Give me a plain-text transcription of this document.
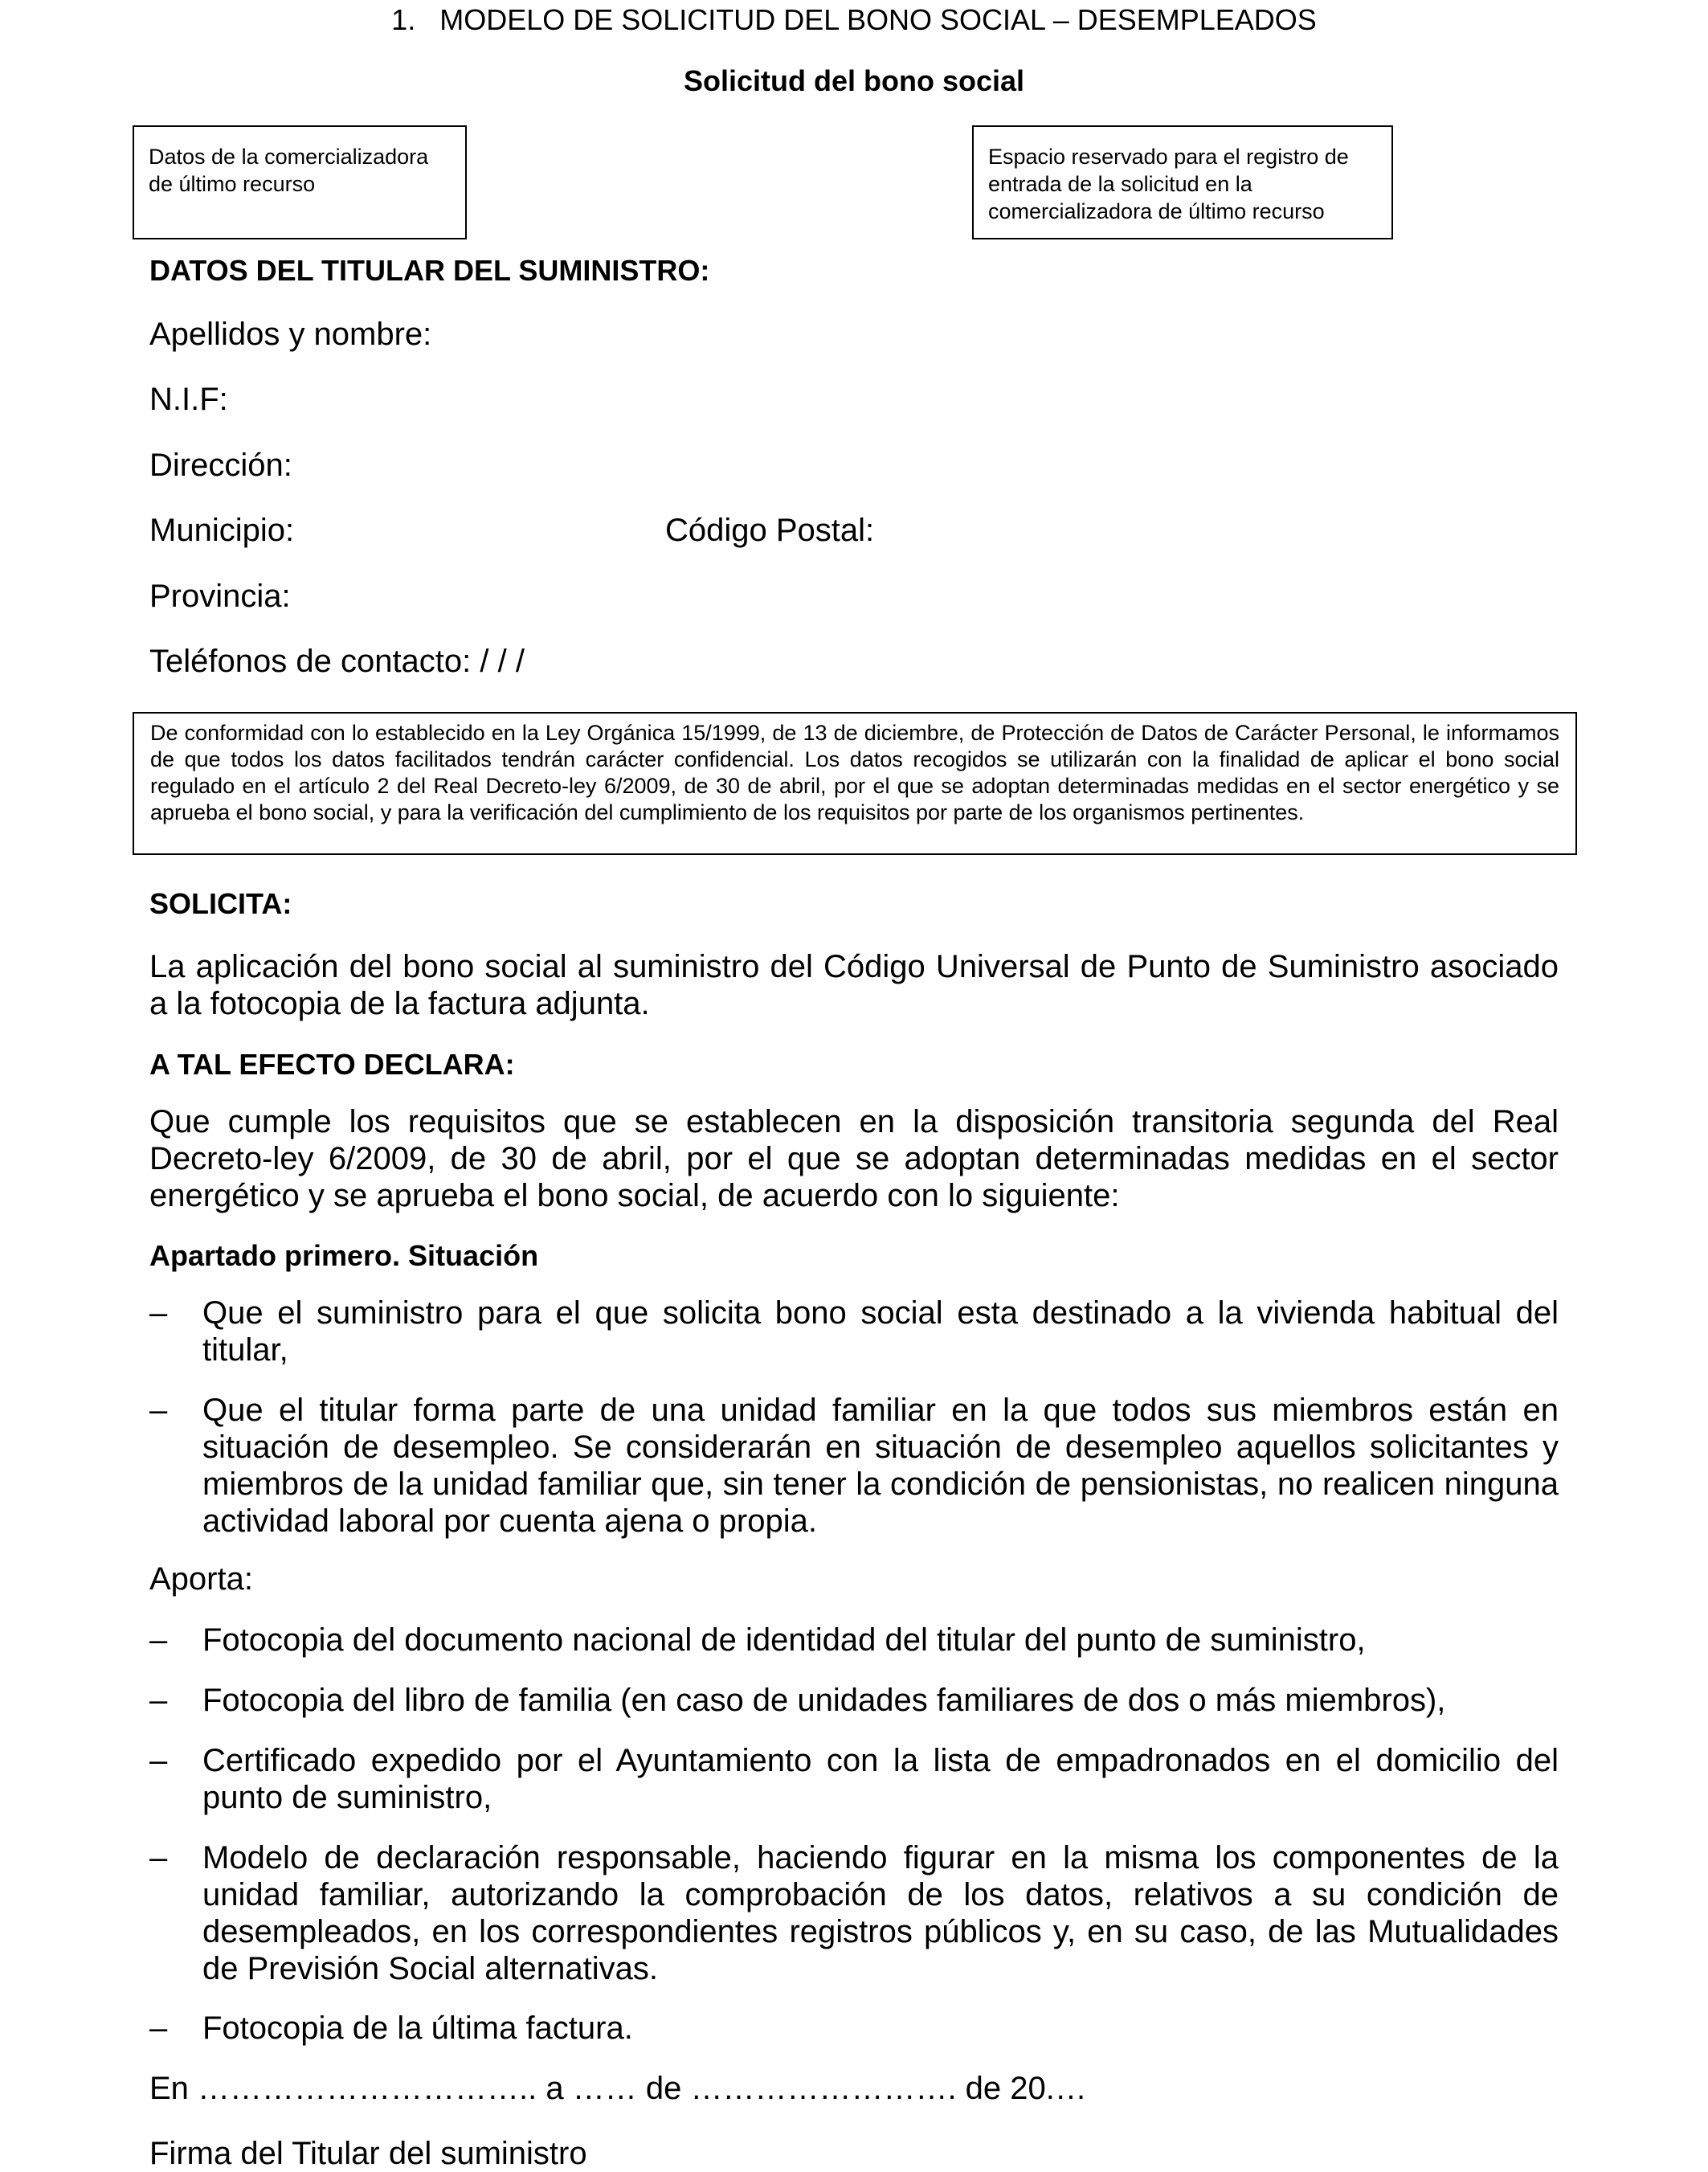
1.   MODELO DE SOLICITUD DEL BONO SOCIAL – DESEMPLEADOS
Solicitud del bono social
Datos de la comercializadora de último recurso
Espacio reservado para el registro de entrada de la solicitud en la comercializadora de último recurso
DATOS DEL TITULAR DEL SUMINISTRO:
Apellidos y nombre:
N.I.F:
Dirección:
Municipio:	Código Postal:
Provincia:
Teléfonos de contacto: / / /
De conformidad con lo establecido en la Ley Orgánica 15/1999, de 13 de diciembre, de Protección de Datos de Carácter Personal, le informamos de que todos los datos facilitados tendrán carácter confidencial. Los datos recogidos se utilizarán con la finalidad de aplicar el bono social regulado en el artículo 2 del Real Decreto-ley 6/2009, de 30 de abril, por el que se adoptan determinadas medidas en el sector energético y se aprueba el bono social, y para la verificación del cumplimiento de los requisitos por parte de los organismos pertinentes.
SOLICITA:
La aplicación del bono social al suministro del Código Universal de Punto de Suministro asociado a la fotocopia de la factura adjunta.
A TAL EFECTO DECLARA:
Que cumple los requisitos que se establecen en la disposición transitoria segunda del Real Decreto-ley 6/2009, de 30 de abril, por el que se adoptan determinadas medidas en el sector energético y se aprueba el bono social, de acuerdo con lo siguiente:
Apartado primero. Situación
– Que el suministro para el que solicita bono social esta destinado a la vivienda habitual del titular,
– Que el titular forma parte de una unidad familiar en la que todos sus miembros están en situación de desempleo. Se considerarán en situación de desempleo aquellos solicitantes y miembros de la unidad familiar que, sin tener la condición de pensionistas, no realicen ninguna actividad laboral por cuenta ajena o propia.
Aporta:
– Fotocopia del documento nacional de identidad del titular del punto de suministro,
– Fotocopia del libro de familia (en caso de unidades familiares de dos o más miembros),
– Certificado expedido por el Ayuntamiento con la lista de empadronados en el domicilio del punto de suministro,
– Modelo de declaración responsable, haciendo figurar en la misma los componentes de la unidad familiar, autorizando la comprobación de los datos, relativos a su condición de desempleados, en los correspondientes registros públicos y, en su caso, de las Mutualidades de Previsión Social alternativas.
– Fotocopia de la última factura.
En ………………………….. a …… de ……………………. de 20.…
Firma del Titular del suministro
